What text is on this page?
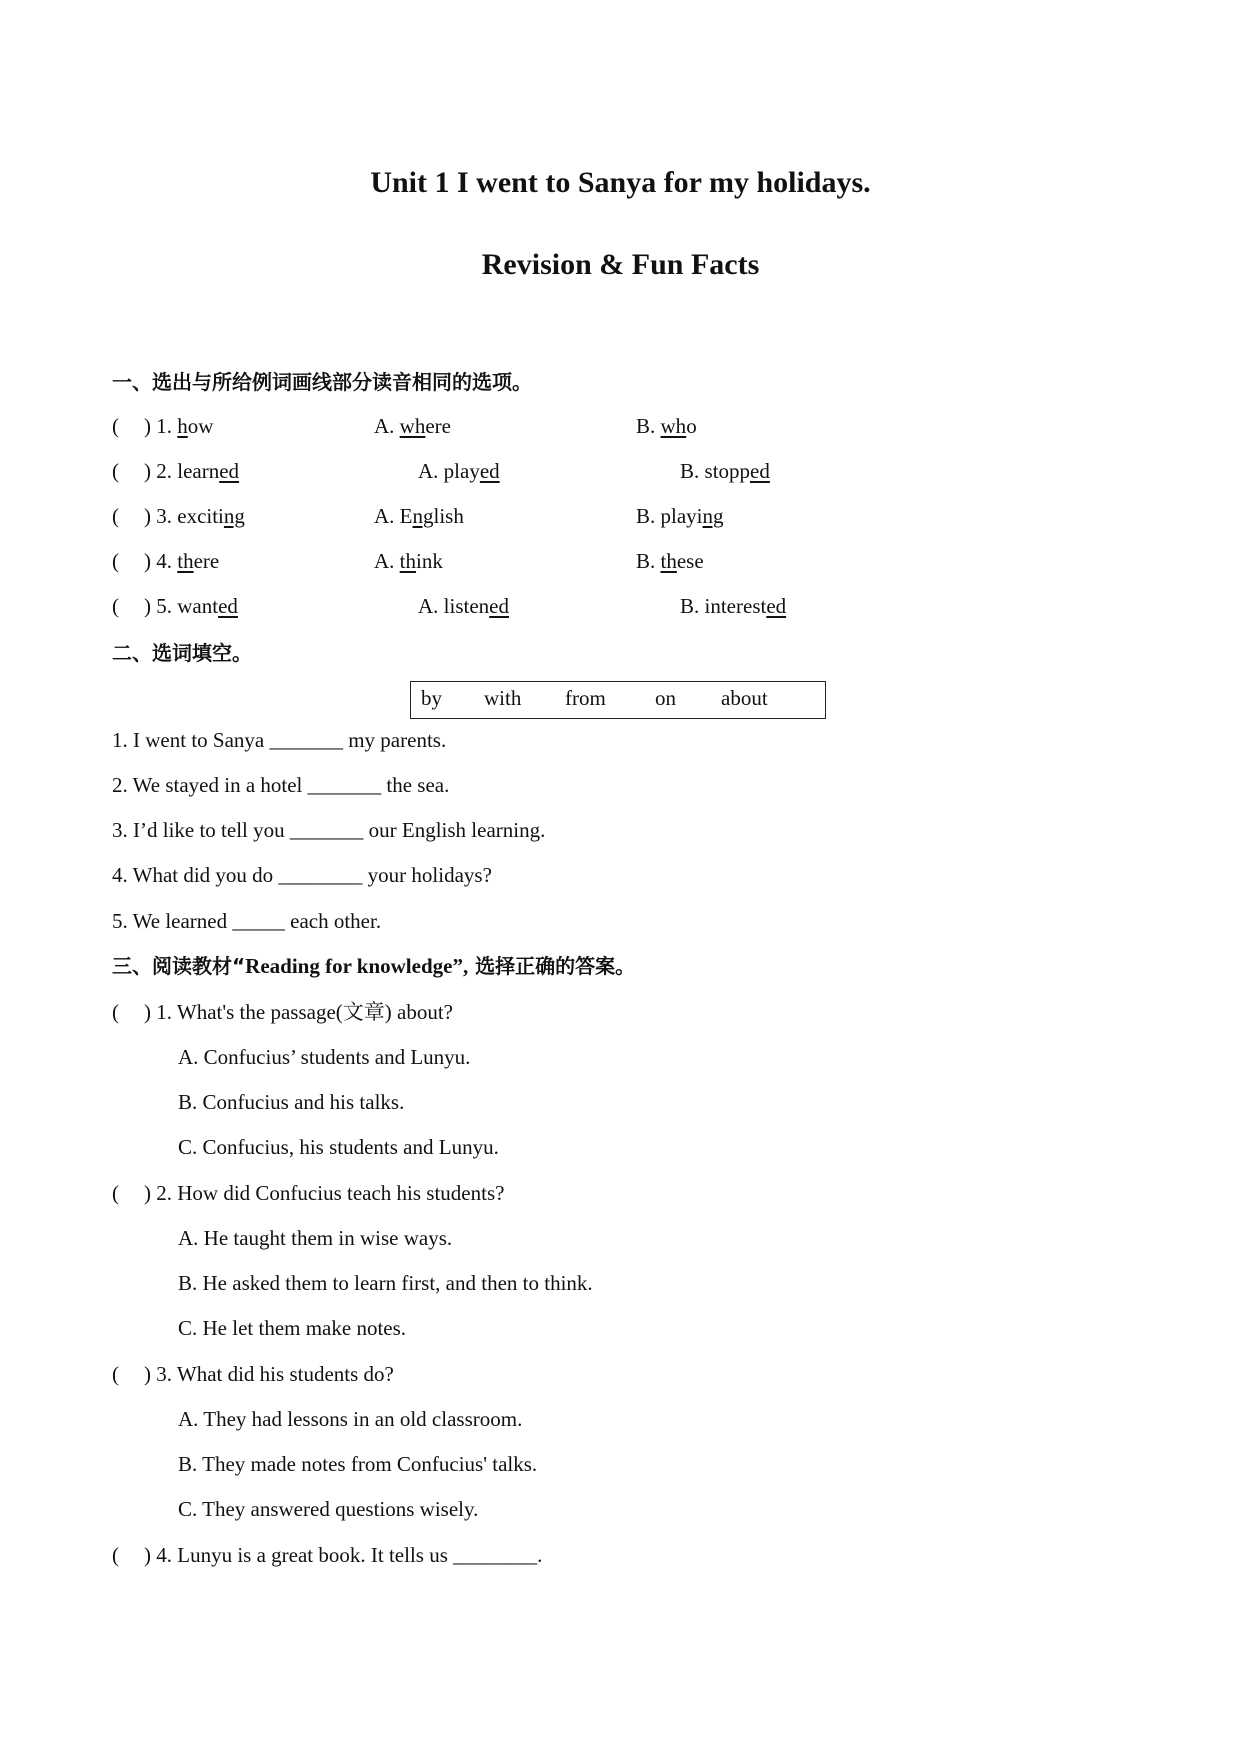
Unit 1 I went to Sanya for my holidays.
Revision & Fun Facts
一、选出与所给例词画线部分读音相同的选项。
( ) 1. how	A. where	B. who
( ) 2. learned	A. played	B. stopped
( ) 3. exciting	A. English	B. playing
( ) 4. there	A. think	B. these
( ) 5. wanted	A. listened	B. interested
二、选词填空。
by with from on about
1. I went to Sanya _______ my parents.
2. We stayed in a hotel _______ the sea.
3. I’d like to tell you _______ our English learning.
4. What did you do ________ your holidays?
5. We learned _____ each other.
三、阅读教材“Reading for knowledge”, 选择正确的答案。
( ) 1. What's the passage(文章) about?
A. Confucius’ students and Lunyu.
B. Confucius and his talks.
C. Confucius, his students and Lunyu.
( ) 2. How did Confucius teach his students?
A. He taught them in wise ways.
B. He asked them to learn first, and then to think.
C. He let them make notes.
( ) 3. What did his students do?
A. They had lessons in an old classroom.
B. They made notes from Confucius' talks.
C. They answered questions wisely.
( ) 4. Lunyu is a great book. It tells us ________.
